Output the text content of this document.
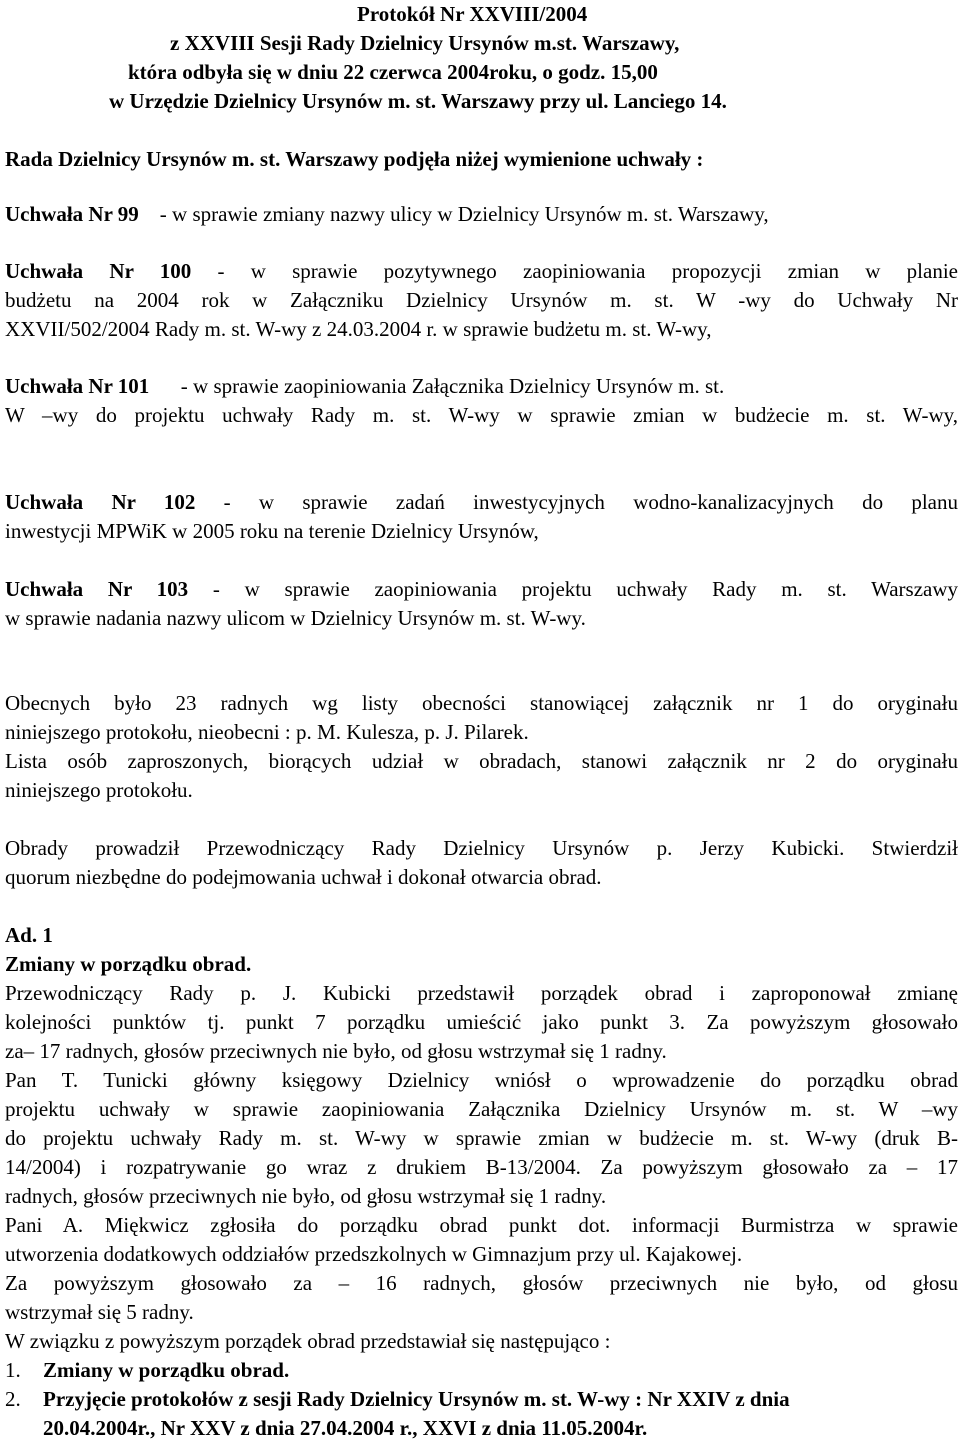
Protokół Nr XXVIII/2004
z XXVIII Sesji Rady Dzielnicy Ursynów m.st. Warszawy,
która odbyła się w dniu 22 czerwca 2004roku, o godz. 15,00
w Urzędzie Dzielnicy Ursynów m. st. Warszawy przy ul. Lanciego 14.
Rada Dzielnicy Ursynów m. st. Warszawy podjęła niżej wymienione uchwały :
Uchwała Nr 99 - w sprawie zmiany nazwy ulicy w Dzielnicy Ursynów m. st. Warszawy,
Uchwała Nr 100 - w sprawie pozytywnego zaopiniowania propozycji zmian w planie
budżetu na 2004 rok w Załączniku Dzielnicy Ursynów m. st. W -wy do Uchwały Nr
XXVII/502/2004 Rady m. st. W-wy z 24.03.2004 r. w sprawie budżetu m. st. W-wy,
Uchwała Nr 101 - w sprawie zaopiniowania Załącznika Dzielnicy Ursynów m. st.
W –wy do projektu uchwały Rady m. st. W-wy w sprawie zmian w budżecie m. st. W-wy,
Uchwała Nr 102 - w sprawie zadań inwestycyjnych wodno-kanalizacyjnych do planu
inwestycji MPWiK w 2005 roku na terenie Dzielnicy Ursynów,
Uchwała Nr 103 - w sprawie zaopiniowania projektu uchwały Rady m. st. Warszawy
w sprawie nadania nazwy ulicom w Dzielnicy Ursynów m. st. W-wy.
Obecnych było 23 radnych wg listy obecności stanowiącej załącznik nr 1 do oryginału
niniejszego protokołu, nieobecni : p. M. Kulesza, p. J. Pilarek.
Lista osób zaproszonych, biorących udział w obradach, stanowi załącznik nr 2 do oryginału
niniejszego protokołu.
Obrady prowadził Przewodniczący Rady Dzielnicy Ursynów p. Jerzy Kubicki. Stwierdził
quorum niezbędne do podejmowania uchwał i dokonał otwarcia obrad.
Ad. 1
Zmiany w porządku obrad.
Przewodniczący Rady p. J. Kubicki przedstawił porządek obrad i zaproponował zmianę
kolejności punktów tj. punkt 7 porządku umieścić jako punkt 3. Za powyższym głosowało
za– 17 radnych, głosów przeciwnych nie było, od głosu wstrzymał się 1 radny.
Pan T. Tunicki główny księgowy Dzielnicy wniósł o wprowadzenie do porządku obrad
projektu uchwały w sprawie zaopiniowania Załącznika Dzielnicy Ursynów m. st. W –wy
do projektu uchwały Rady m. st. W-wy w sprawie zmian w budżecie m. st. W-wy (druk B-
14/2004) i rozpatrywanie go wraz z drukiem B-13/2004. Za powyższym głosowało za – 17
radnych, głosów przeciwnych nie było, od głosu wstrzymał się 1 radny.
Pani A. Miękwicz zgłosiła do porządku obrad punkt dot. informacji Burmistrza w sprawie
utworzenia dodatkowych oddziałów przedszkolnych w Gimnazjum przy ul. Kajakowej.
Za powyższym głosowało za – 16 radnych, głosów przeciwnych nie było, od głosu
wstrzymał się 5 radny.
W związku z powyższym porządek obrad przedstawiał się następująco :
1. Zmiany w porządku obrad.
2. Przyjęcie protokołów z sesji Rady Dzielnicy Ursynów m. st. W-wy : Nr XXIV z dnia
20.04.2004r., Nr XXV z dnia 27.04.2004 r., XXVI z dnia 11.05.2004r.
